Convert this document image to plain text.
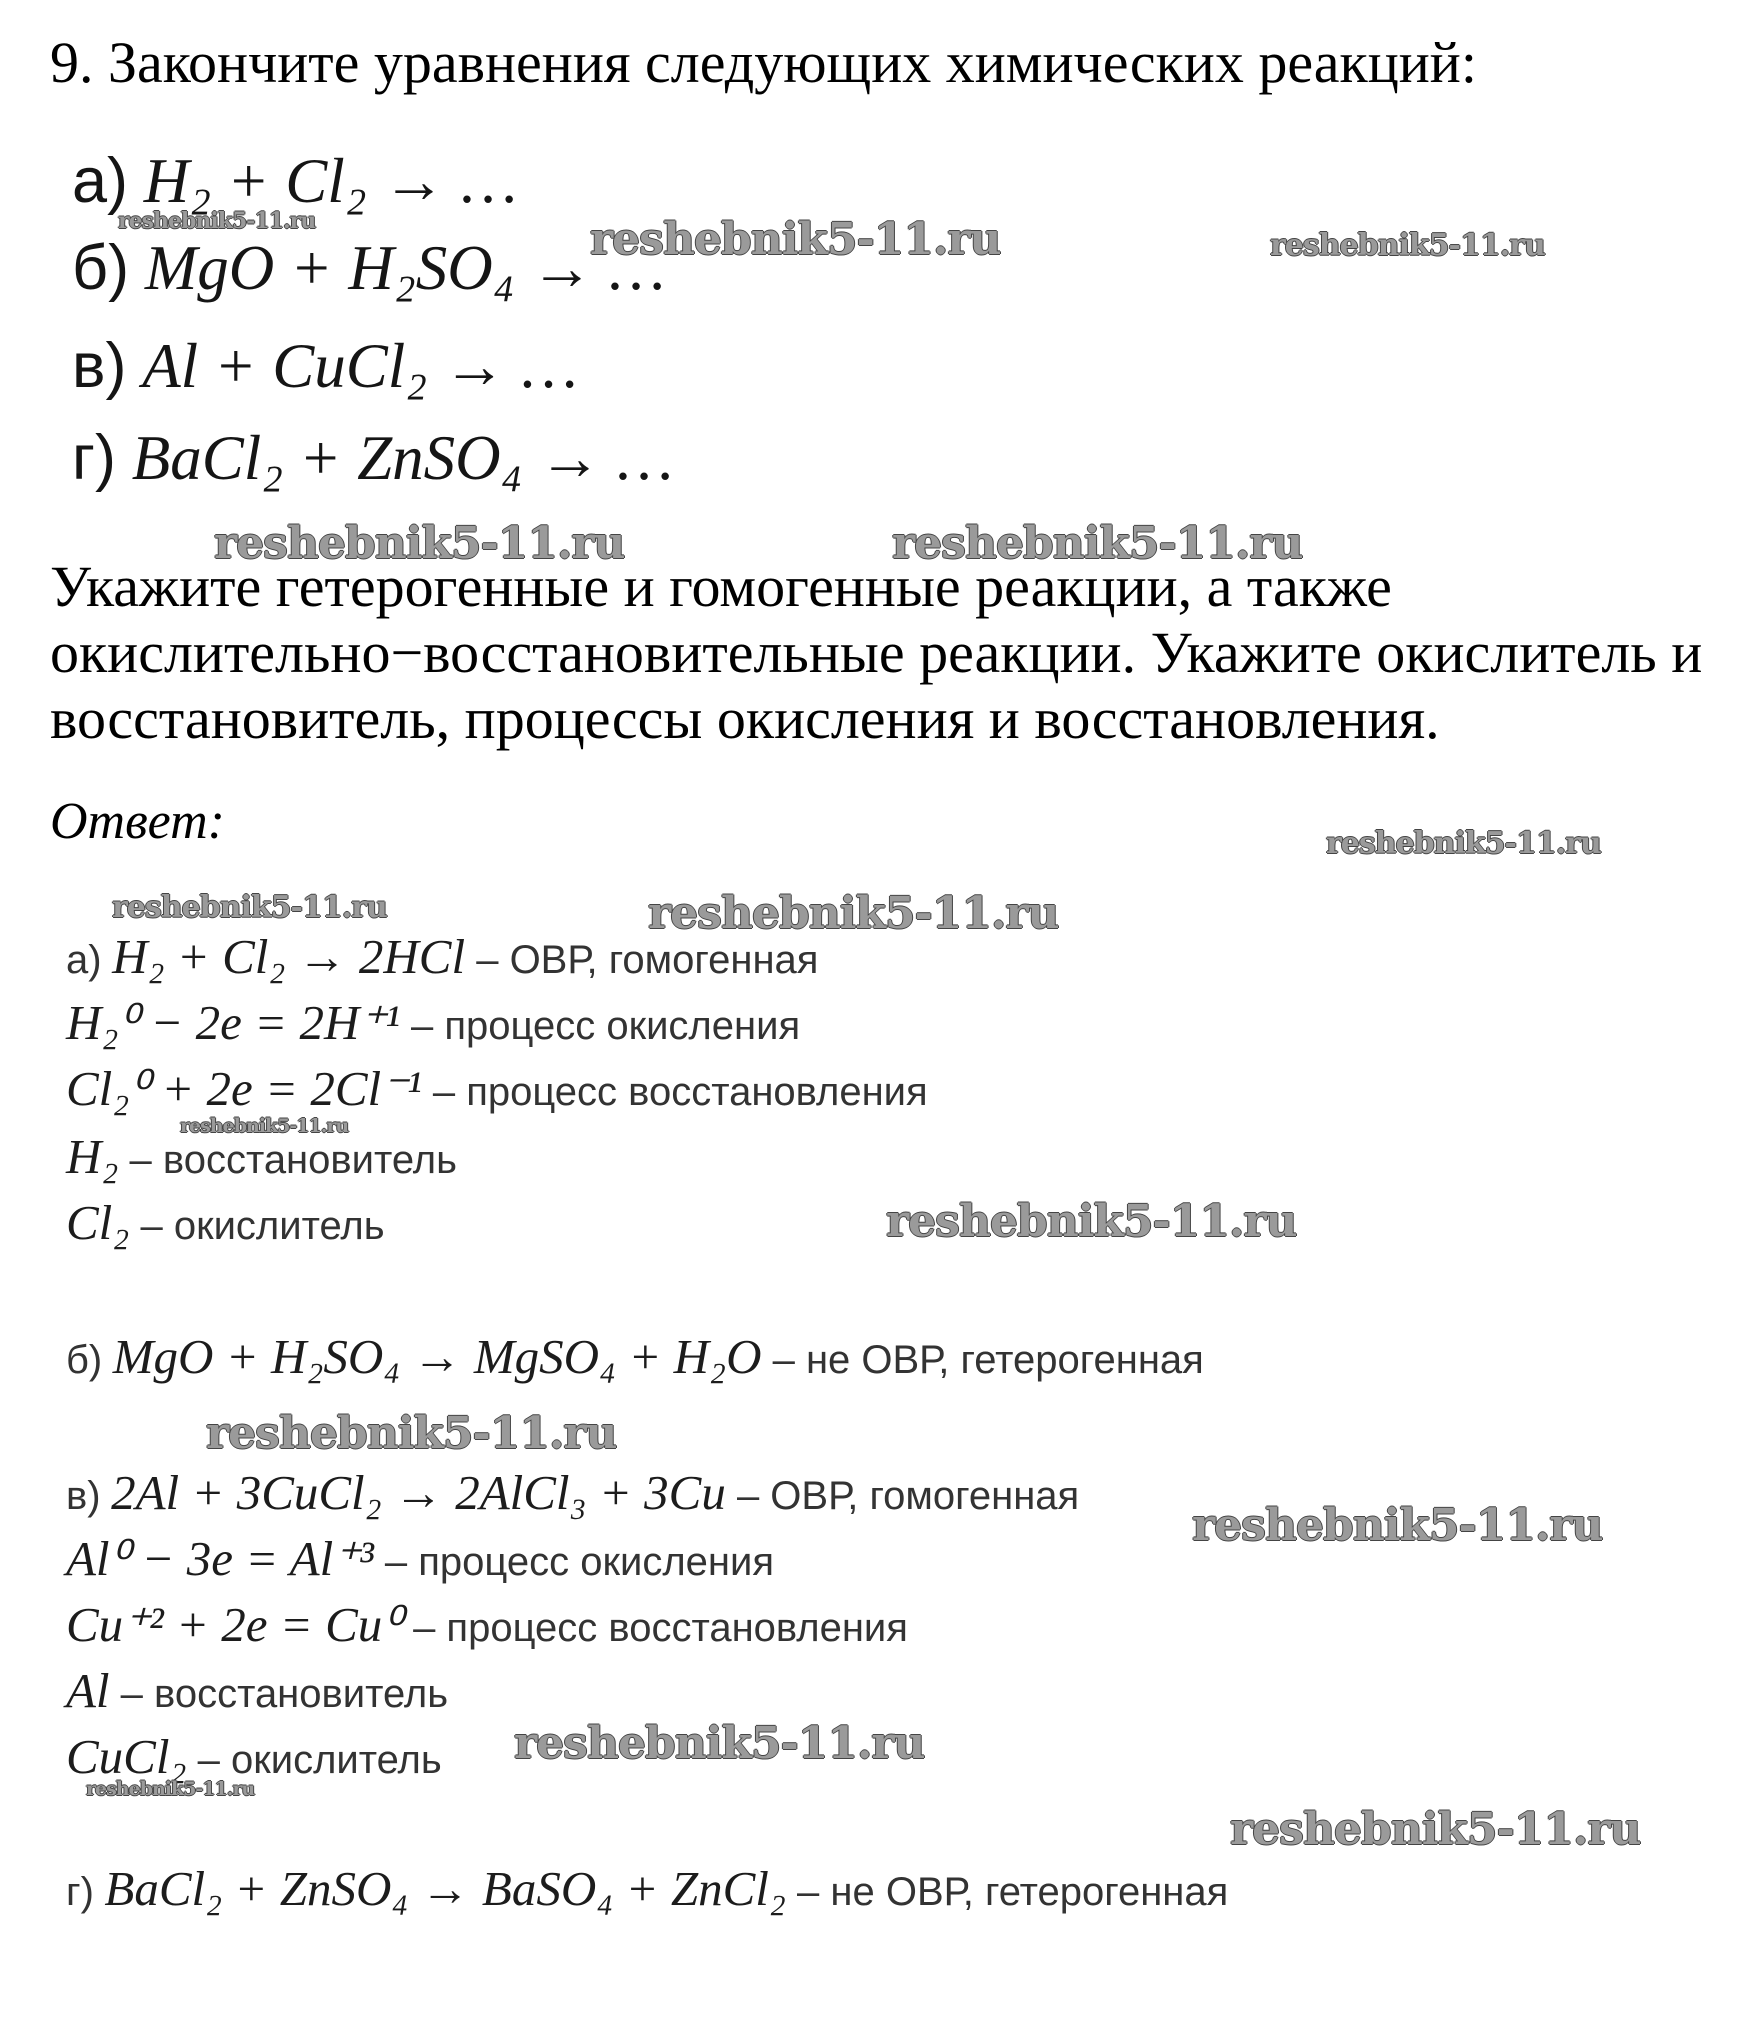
9. Закончите уравнения следующих химических реакций:
а) H₂ + Cl₂ → …
б) MgO + H₂SO₄ → …
в) Al + CuCl₂ → …
г) BaCl₂ + ZnSO₄ → …
Укажите гетерогенные и гомогенные реакции, а также
окислительно−восстановительные реакции. Укажите окислитель и
восстановитель, процессы окисления и восстановления.
Ответ:
а) H₂ + Cl₂ → 2HCl – ОВР, гомогенная
H₂⁰ − 2e = 2H⁺¹ – процесс окисления
Cl₂⁰ + 2e = 2Cl⁻¹ – процесс восстановления
H₂ – восстановитель
Cl₂ – окислитель
б) MgO + H₂SO₄ → MgSO₄ + H₂O – не ОВР, гетерогенная
в) 2Al + 3CuCl₂ → 2AlCl₃ + 3Cu – ОВР, гомогенная
Al⁰ − 3e = Al⁺³ – процесс окисления
Cu⁺² + 2e = Cu⁰ – процесс восстановления
Al – восстановитель
CuCl₂ – окислитель
г) BaCl₂ + ZnSO₄ → BaSO₄ + ZnCl₂ – не ОВР, гетерогенная
reshebnik5-11.ru	reshebnik5-11.ru	reshebnik5-11.ru
reshebnik5-11.ru	reshebnik5-11.ru
reshebnik5-11.ru
reshebnik5-11.ru	reshebnik5-11.ru
reshebnik5-11.ru
reshebnik5-11.ru
reshebnik5-11.ru
reshebnik5-11.ru
reshebnik5-11.ru
reshebnik5-11.ru
reshebnik5-11.ru
